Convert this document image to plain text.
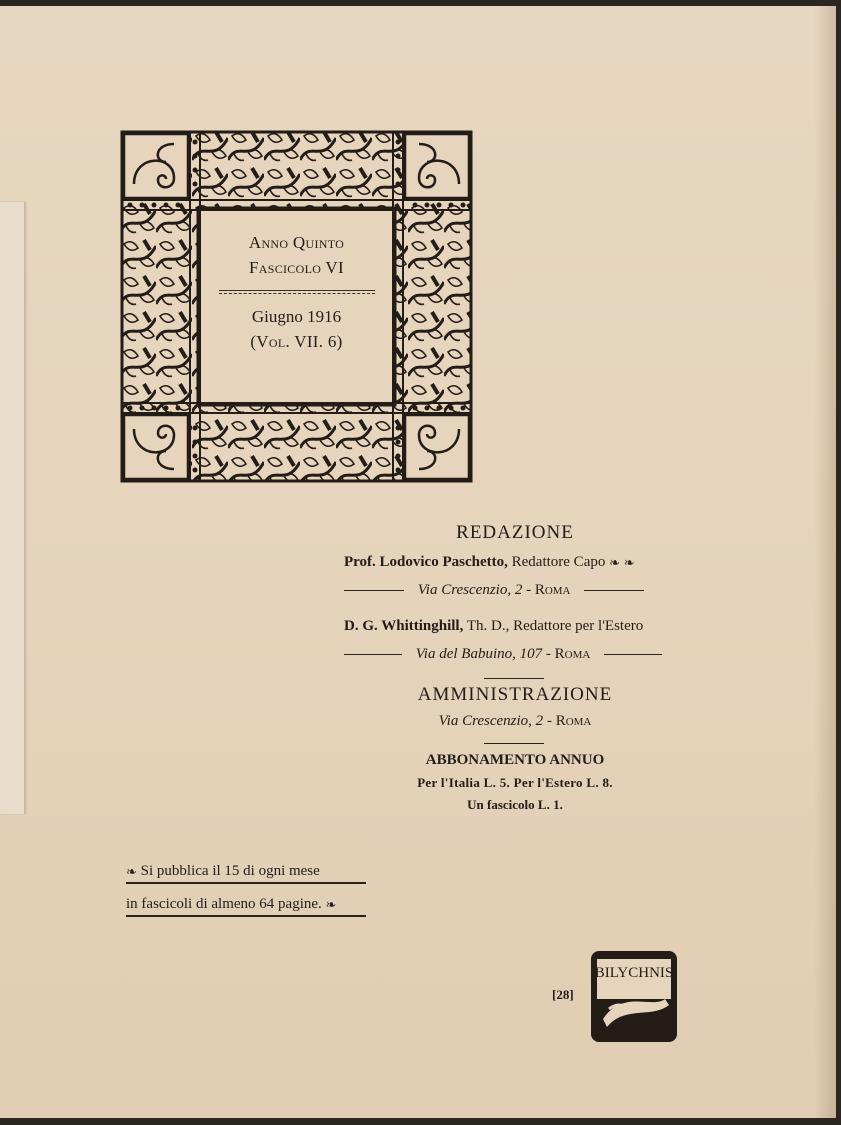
Anno Quinto
Fascicolo VI
Giugno 1916
(Vol. VII. 6)
REDAZIONE
Prof. Lodovico Paschetto, Redattore Capo ❧ ❧
Via Crescenzio, 2 - Roma
D. G. Whittinghill, Th. D., Redattore per l'Estero
Via del Babuino, 107 - Roma
AMMINISTRAZIONE
Via Crescenzio, 2 - Roma
ABBONAMENTO ANNUO
Per l'Italia L. 5. Per l'Estero L. 8.
Un fascicolo L. 1.
❧ Si pubblica il 15 di ogni mese
in fascicoli di almeno 64 pagine. ❧
[28]
BILYCHNIS
